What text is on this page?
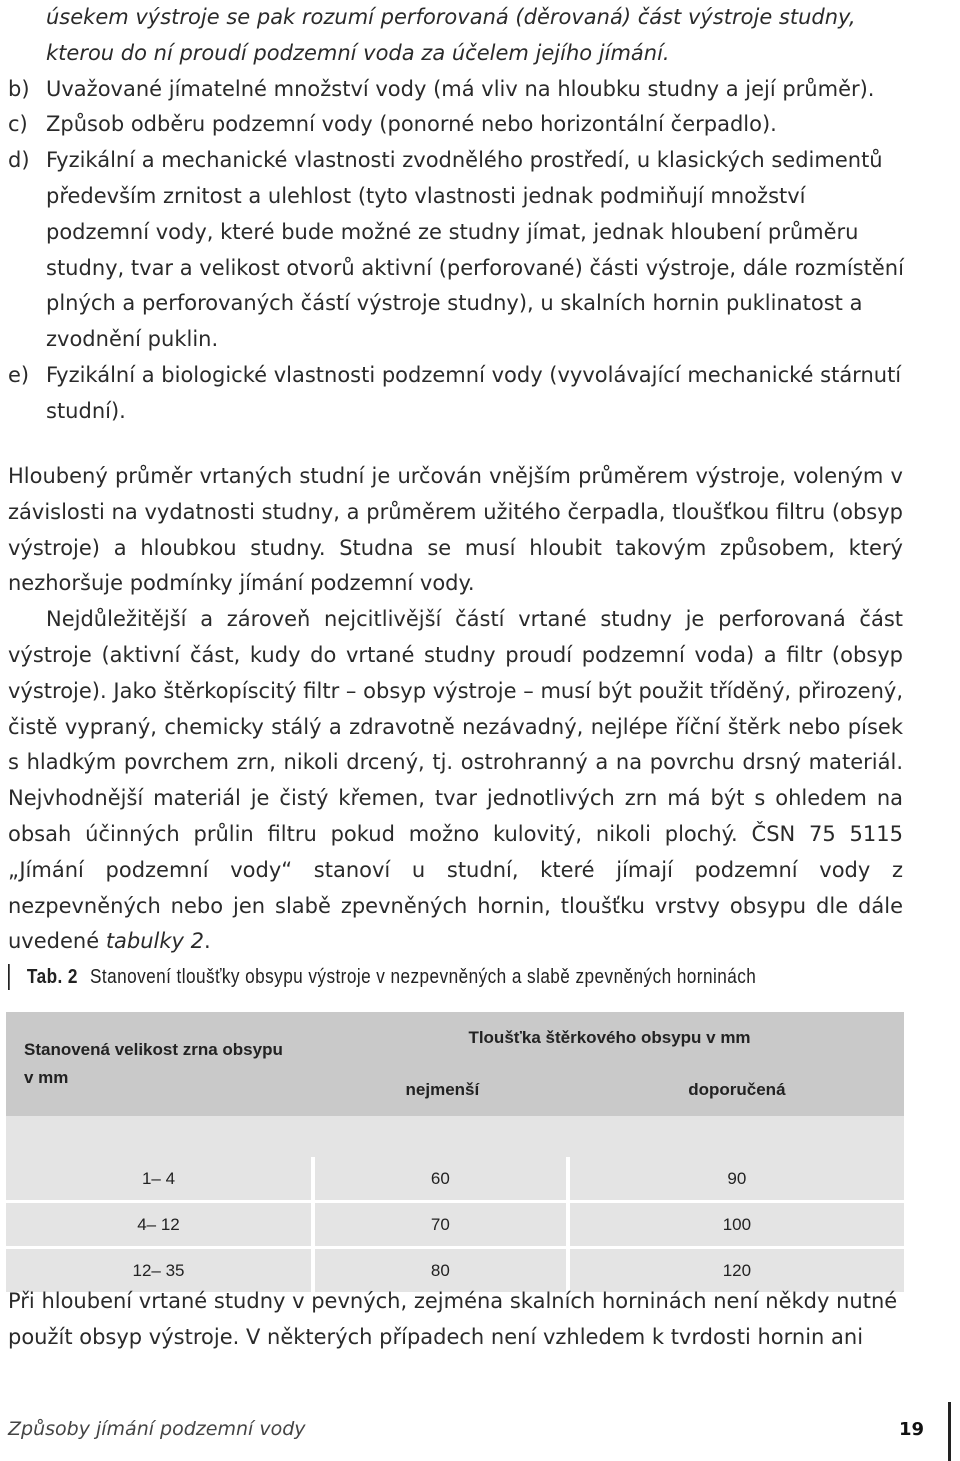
úsekem výstroje se pak rozumí perforovaná (děrovaná) část výstroje studny, kterou do ní proudí podzemní voda za účelem jejího jímání.

b) Uvažované jímatelné množství vody (má vliv na hloubku studny a její průměr).
c) Způsob odběru podzemní vody (ponorné nebo horizontální čerpadlo).
d) Fyzikální a mechanické vlastnosti zvodnělého prostředí, u klasických sedimentů především zrnitost a ulehlost (tyto vlastnosti jednak podmiňují množství podzemní vody, které bude možné ze studny jímat, jednak hloubení průměru studny, tvar a velikost otvorů aktivní (perforované) části výstroje, dále rozmístění plných a perforovaných částí výstroje studny), u skalních hornin puklinatost a zvodnění puklin.
e) Fyzikální a biologické vlastnosti podzemní vody (vyvolávající mechanické stárnutí studní).

Hloubený průměr vrtaných studní je určován vnějším průměrem výstroje, voleným v závislosti na vydatnosti studny, a průměrem užitého čerpadla, tloušťkou filtru (obsyp výstroje) a hloubkou studny. Studna se musí hloubit takovým způsobem, který nezhoršuje podmínky jímání podzemní vody.

Nejdůležitější a zároveň nejcitlivější částí vrtané studny je perforovaná část výstroje (aktivní část, kudy do vrtané studny proudí podzemní voda) a filtr (obsyp výstroje). Jako štěrkopíscitý filtr – obsyp výstroje – musí být použit tříděný, přirozený, čistě vypraný, chemicky stálý a zdravotně nezávadný, nejlépe říční štěrk nebo písek s hladkým povrchem zrn, nikoli drcený, tj. ostrohranný a na povrchu drsný materiál. Nejvhodnější materiál je čistý křemen, tvar jednotlivých zrn má být s ohledem na obsah účinných průlin filtru pokud možno kulovitý, nikoli plochý. ČSN 75 5115 „Jímání podzemní vody“ stanoví u studní, které jímají podzemní vody z nezpevněných nebo jen slabě zpevněných hornin, tloušťku vrstvy obsypu dle dále uvedené tabulky 2.

Tab. 2 Stanovení tloušťky obsypu výstroje v nezpevněných a slabě zpevněných horninách
Stanovená velikost zrna obsypu v mm	Tloušťka štěrkového obsypu v mm	
	nejmenší	doporučená

1– 4	60	90
4– 12	70	100
12– 35	80	120

Při hloubení vrtané studny v pevných, zejména skalních horninách není někdy nutné použít obsyp výstroje. V některých případech není vzhledem k tvrdosti hornin ani

Způsoby jímání podzemní vody	19
